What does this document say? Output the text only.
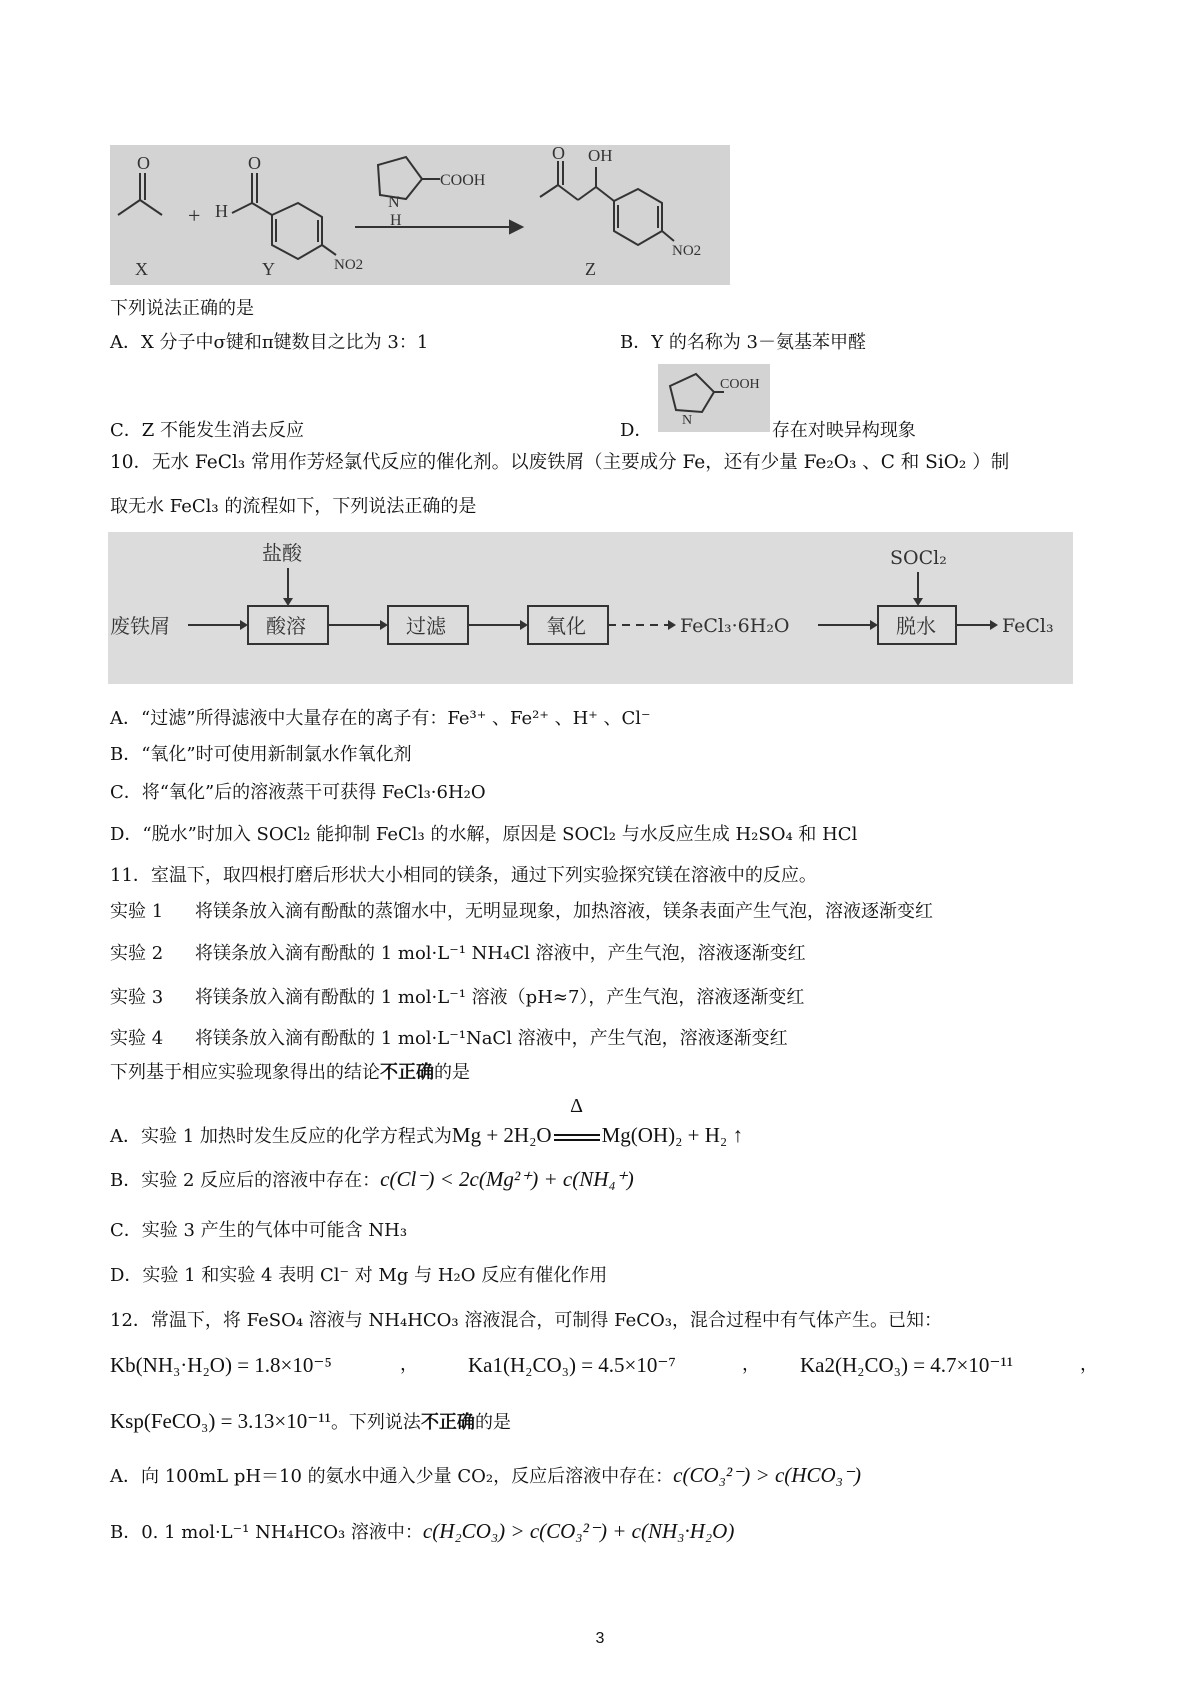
O
X
+ H
O
NO2
Y
N
H
COOH
O OH
NO2
Z
下列说法正确的是
A．X 分子中σ键和π键数目之比为 3：1	B．Y 的名称为 3－氨基苯甲醛
C．Z 不能发生消去反应	D．	存在对映异构现象
N
COOH
10．无水 FeCl₃ 常用作芳烃氯代反应的催化剂。以废铁屑（主要成分 Fe，还有少量 Fe₂O₃ 、C 和 SiO₂ ）制
取无水 FeCl₃ 的流程如下，下列说法正确的是
废铁屑
盐酸
酸溶	过滤	氧化	FeCl₃·6H₂O
SOCl₂
脱水	FeCl₃
A．“过滤”所得滤液中大量存在的离子有：Fe³⁺ 、Fe²⁺ 、H⁺ 、Cl⁻
B．“氧化”时可使用新制氯水作氧化剂
C．将“氧化”后的溶液蒸干可获得 FeCl₃·6H₂O
D．“脱水”时加入 SOCl₂ 能抑制 FeCl₃ 的水解，原因是 SOCl₂ 与水反应生成 H₂SO₄ 和 HCl
11．室温下，取四根打磨后形状大小相同的镁条，通过下列实验探究镁在溶液中的反应。
实验 1 将镁条放入滴有酚酞的蒸馏水中，无明显现象，加热溶液，镁条表面产生气泡，溶液逐渐变红
实验 2 将镁条放入滴有酚酞的 1 mol·L⁻¹ NH₄Cl 溶液中，产生气泡，溶液逐渐变红
实验 3 将镁条放入滴有酚酞的 1 mol·L⁻¹ 溶液（pH≈7），产生气泡，溶液逐渐变红
实验 4 将镁条放入滴有酚酞的 1 mol·L⁻¹NaCl 溶液中，产生气泡，溶液逐渐变红
下列基于相应实验现象得出的结论不正确的是
A．实验 1 加热时发生反应的化学方程式为Mg + 2H₂O
Δ
Mg(OH)₂ + H₂ ↑
B．实验 2 反应后的溶液中存在：c(Cl⁻) < 2c(Mg²⁺) + c(NH₄⁺)
C．实验 3 产生的气体中可能含 NH₃
D．实验 1 和实验 4 表明 Cl⁻ 对 Mg 与 H₂O 反应有催化作用
12．常温下，将 FeSO₄ 溶液与 NH₄HCO₃ 溶液混合，可制得 FeCO₃，混合过程中有气体产生。已知：
Kb(NH₃·H₂O) = 1.8×10⁻⁵	， Ka1(H₂CO₃) = 4.5×10⁻⁷	， Ka2(H₂CO₃) = 4.7×10⁻¹¹	，
Ksp(FeCO₃) = 3.13×10⁻¹¹。下列说法不正确的是
A．向 100mL pH＝10 的氨水中通入少量 CO₂，反应后溶液中存在：c(CO₃²⁻) > c(HCO₃⁻)
B．0. 1 mol·L⁻¹ NH₄HCO₃ 溶液中：c(H₂CO₃) > c(CO₃²⁻) + c(NH₃·H₂O)
3
